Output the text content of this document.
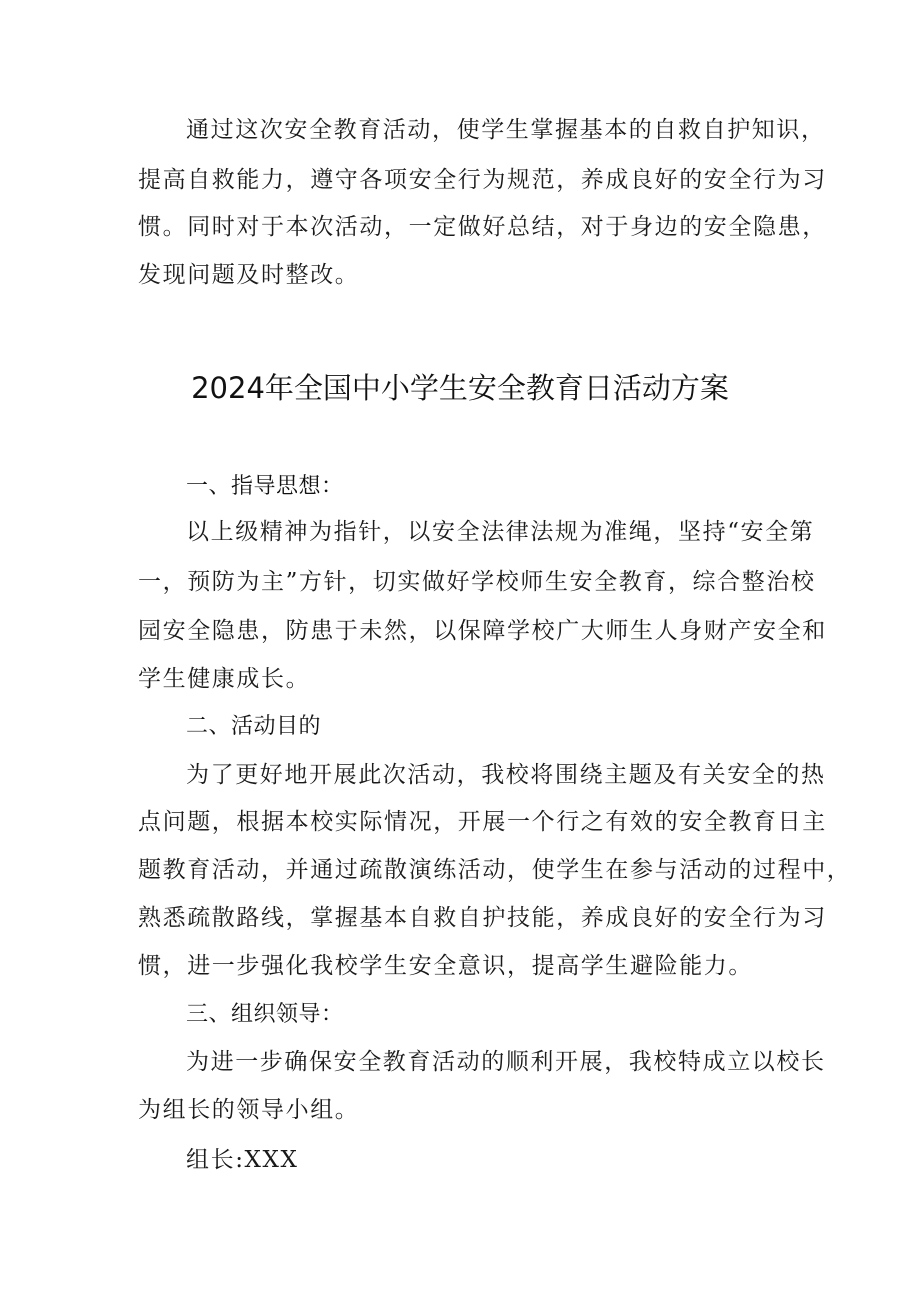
通过这次安全教育活动，使学生掌握基本的自救自护知识，
提高自救能力，遵守各项安全行为规范，养成良好的安全行为习
惯。同时对于本次活动，一定做好总结，对于身边的安全隐患，
发现问题及时整改。
2024年全国中小学生安全教育日活动方案
一、指导思想：
以上级精神为指针，以安全法律法规为准绳，坚持“安全第
一，预防为主”方针，切实做好学校师生安全教育，综合整治校
园安全隐患，防患于未然，以保障学校广大师生人身财产安全和
学生健康成长。
二、活动目的
为了更好地开展此次活动，我校将围绕主题及有关安全的热
点问题，根据本校实际情况，开展一个行之有效的安全教育日主
题教育活动，并通过疏散演练活动，使学生在参与活动的过程中，
熟悉疏散路线，掌握基本自救自护技能，养成良好的安全行为习
惯，进一步强化我校学生安全意识，提高学生避险能力。
三、组织领导：
为进一步确保安全教育活动的顺利开展，我校特成立以校长
为组长的领导小组。
组长:XXX
